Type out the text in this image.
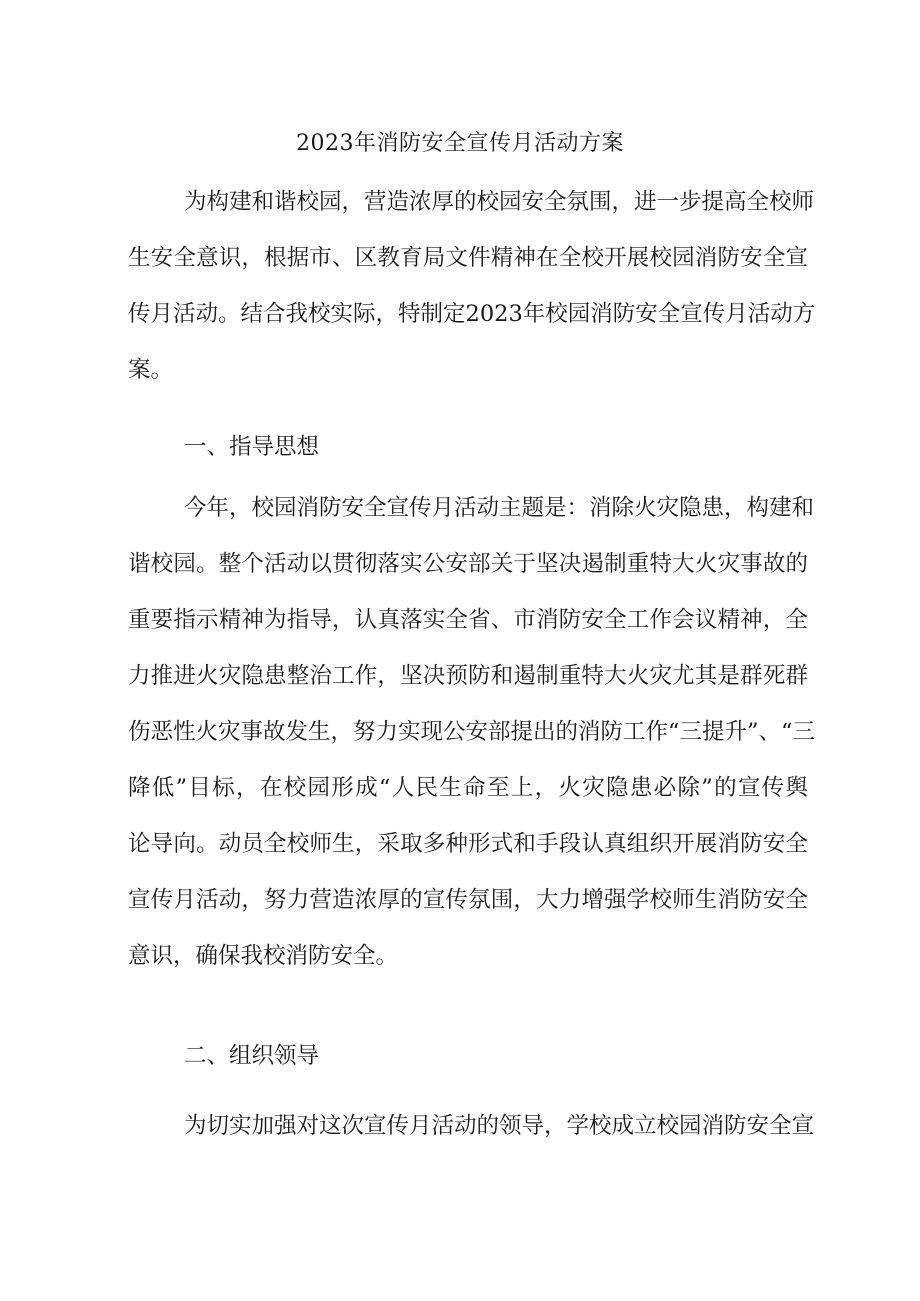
2023年消防安全宣传月活动方案
为构建和谐校园，营造浓厚的校园安全氛围，进一步提高全校师
生安全意识，根据市、区教育局文件精神在全校开展校园消防安全宣
传月活动。结合我校实际，特制定2023年校园消防安全宣传月活动方
案。
一、指导思想
今年，校园消防安全宣传月活动主题是：消除火灾隐患，构建和
谐校园。整个活动以贯彻落实公安部关于坚决遏制重特大火灾事故的
重要指示精神为指导，认真落实全省、市消防安全工作会议精神，全
力推进火灾隐患整治工作，坚决预防和遏制重特大火灾尤其是群死群
伤恶性火灾事故发生，努力实现公安部提出的消防工作“三提升”、“三
降低”目标，在校园形成“人民生命至上，火灾隐患必除”的宣传舆
论导向。动员全校师生，采取多种形式和手段认真组织开展消防安全
宣传月活动，努力营造浓厚的宣传氛围，大力增强学校师生消防安全
意识，确保我校消防安全。
二、组织领导
为切实加强对这次宣传月活动的领导，学校成立校园消防安全宣
